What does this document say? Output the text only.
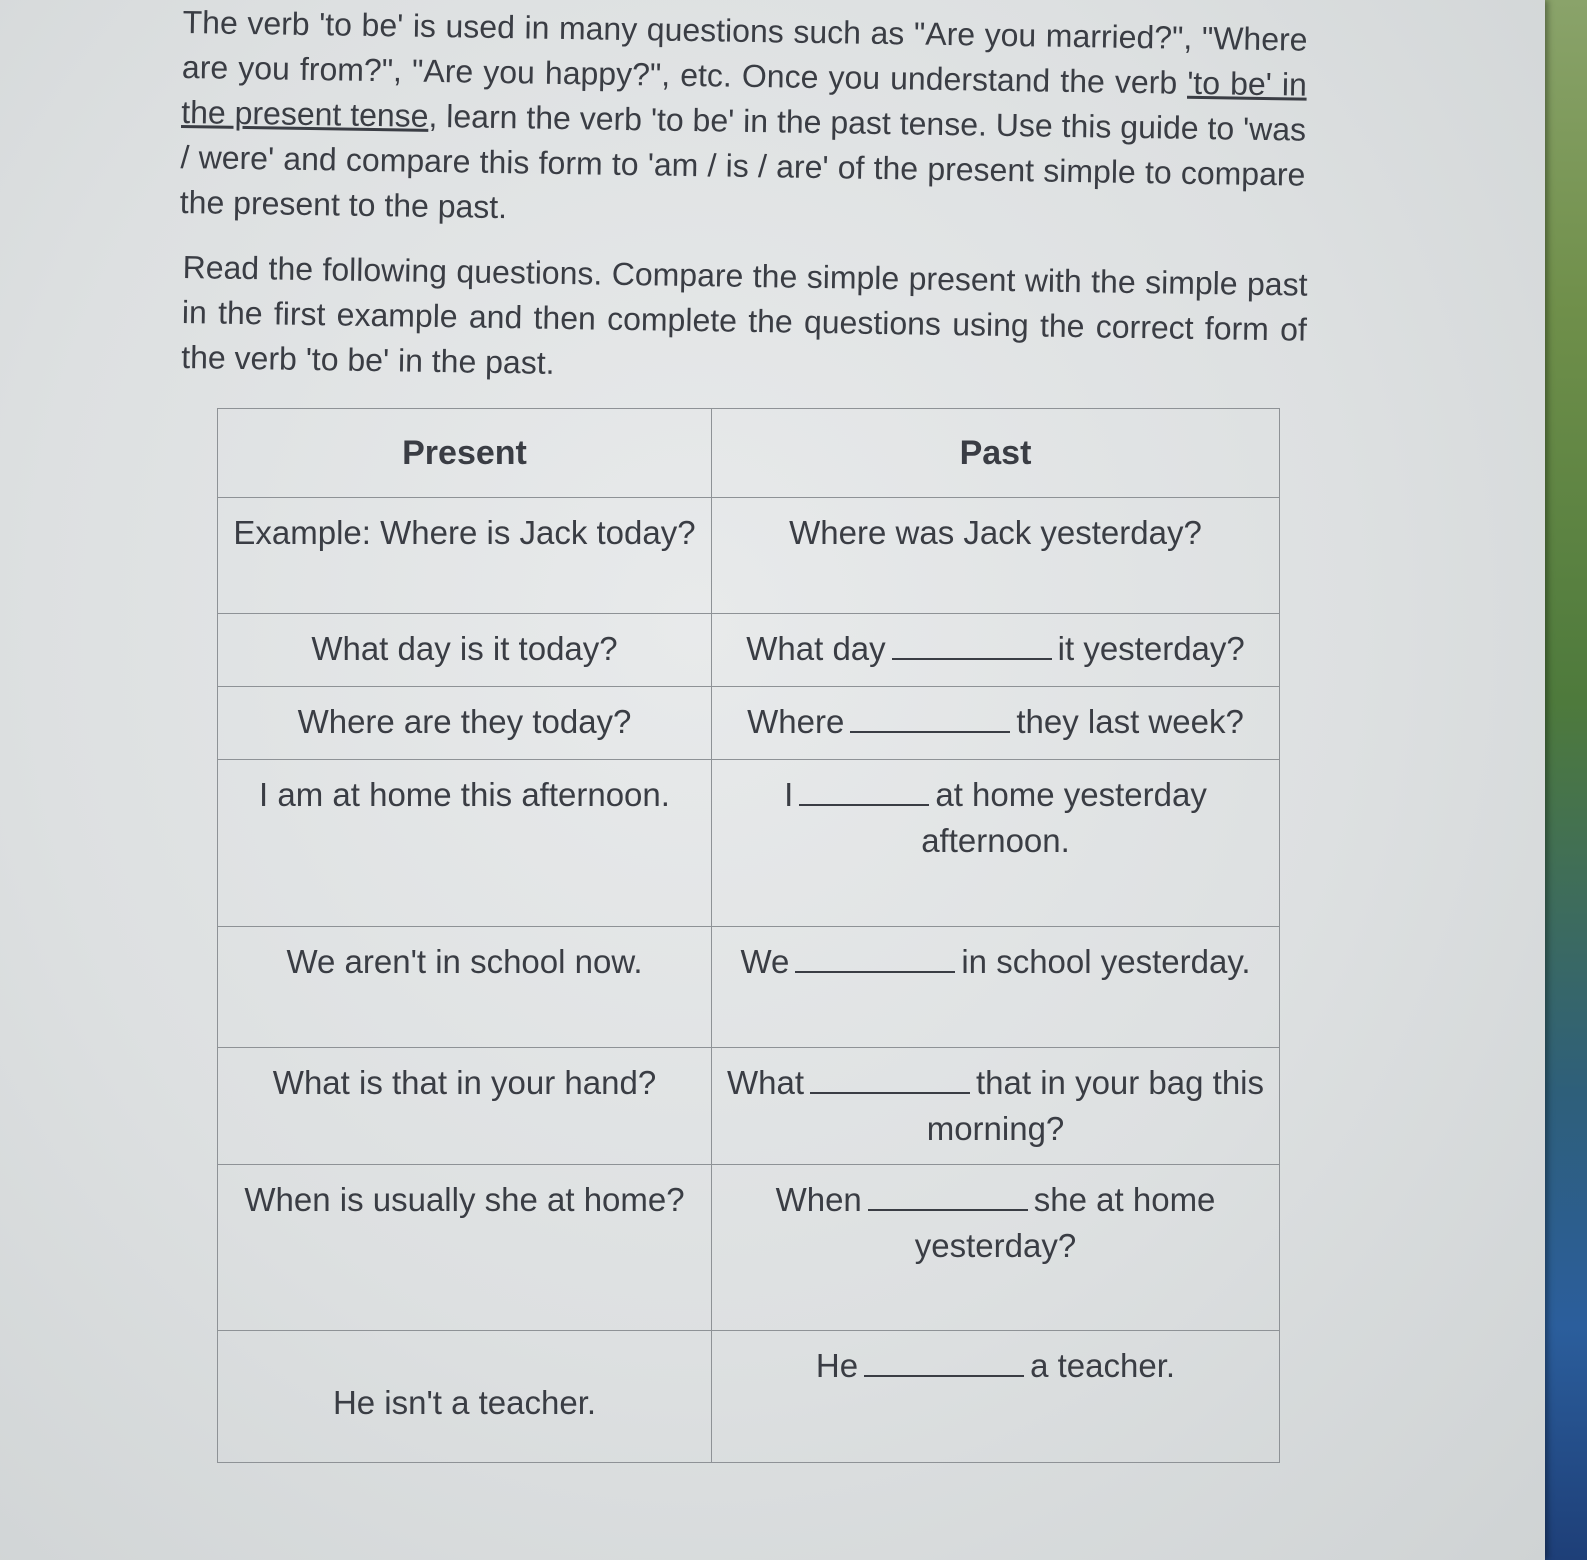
The verb 'to be' is used in many questions such as "Are you married?", "Where are you from?", "Are you happy?", etc. Once you understand the verb 'to be' in the present tense, learn the verb 'to be' in the past tense. Use this guide to 'was / were' and compare this form to 'am / is / are' of the present simple to compare the present to the past.

Read the following questions. Compare the simple present with the simple past in the first example and then complete the questions using the correct form of the verb 'to be' in the past.

Present	Past
Example: Where is Jack today?	Where was Jack yesterday?
What day is it today?	What day it yesterday?
Where are they today?	Where they last week?
I am at home this afternoon.	I at home yesterday afternoon.
We aren't in school now.	We in school yesterday.
What is that in your hand?	What that in your bag this morning?
When is usually she at home?	When she at home yesterday?
He isn't a teacher.	He a teacher.
